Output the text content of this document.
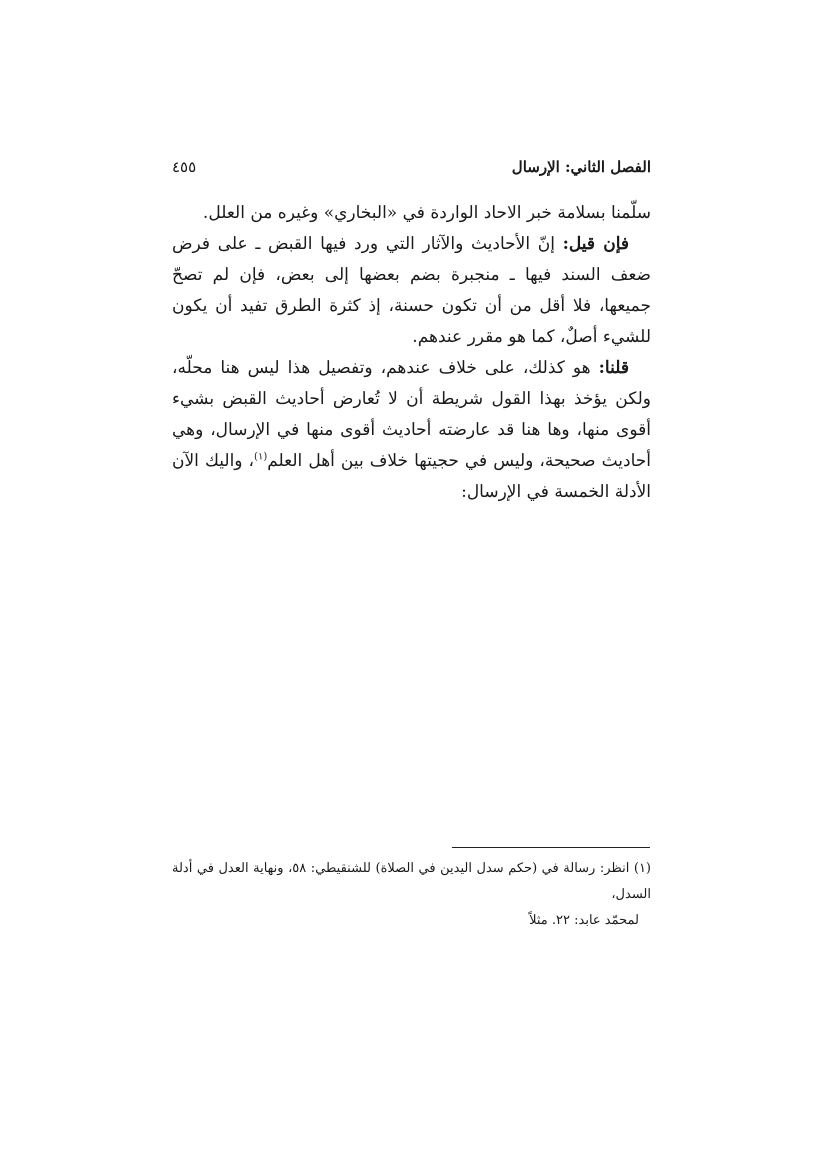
الفصل الثاني: الإرسال
٤٥٥

سلّمنا بسلامة خبر الاحاد الواردة في «البخاري» وغيره من العلل.

فإن قيل: إنّ الأحاديث والآثار التي ورد فيها القبض ـ على فرض ضعف السند فيها ـ منجبرة بضم بعضها إلى بعض، فإن لم تصحّ جميعها، فلا أقل من أن تكون حسنة، إذ كثرة الطرق تفيد أن يكون للشيء أصلٌ، كما هو مقرر عندهم.

قلنا: هو كذلك، على خلاف عندهم، وتفصيل هذا ليس هنا محلّه، ولكن يؤخذ بهذا القول شريطة أن لا تُعارض أحاديث القبض بشيء أقوى منها، وها هنا قد عارضته أحاديث أقوى منها في الإرسال، وهي أحاديث صحيحة، وليس في حجيتها خلاف بين أهل العلم$^{(١)}$، واليك الآن الأدلة الخمسة في الإرسال:

(١) انظر: رسالة في (حكم سدل اليدين في الصلاة) للشنقيطي: ٥٨، ونهاية العدل في أدلة السدل،

لمحمّد عابد: ٢٢. مثلاً
